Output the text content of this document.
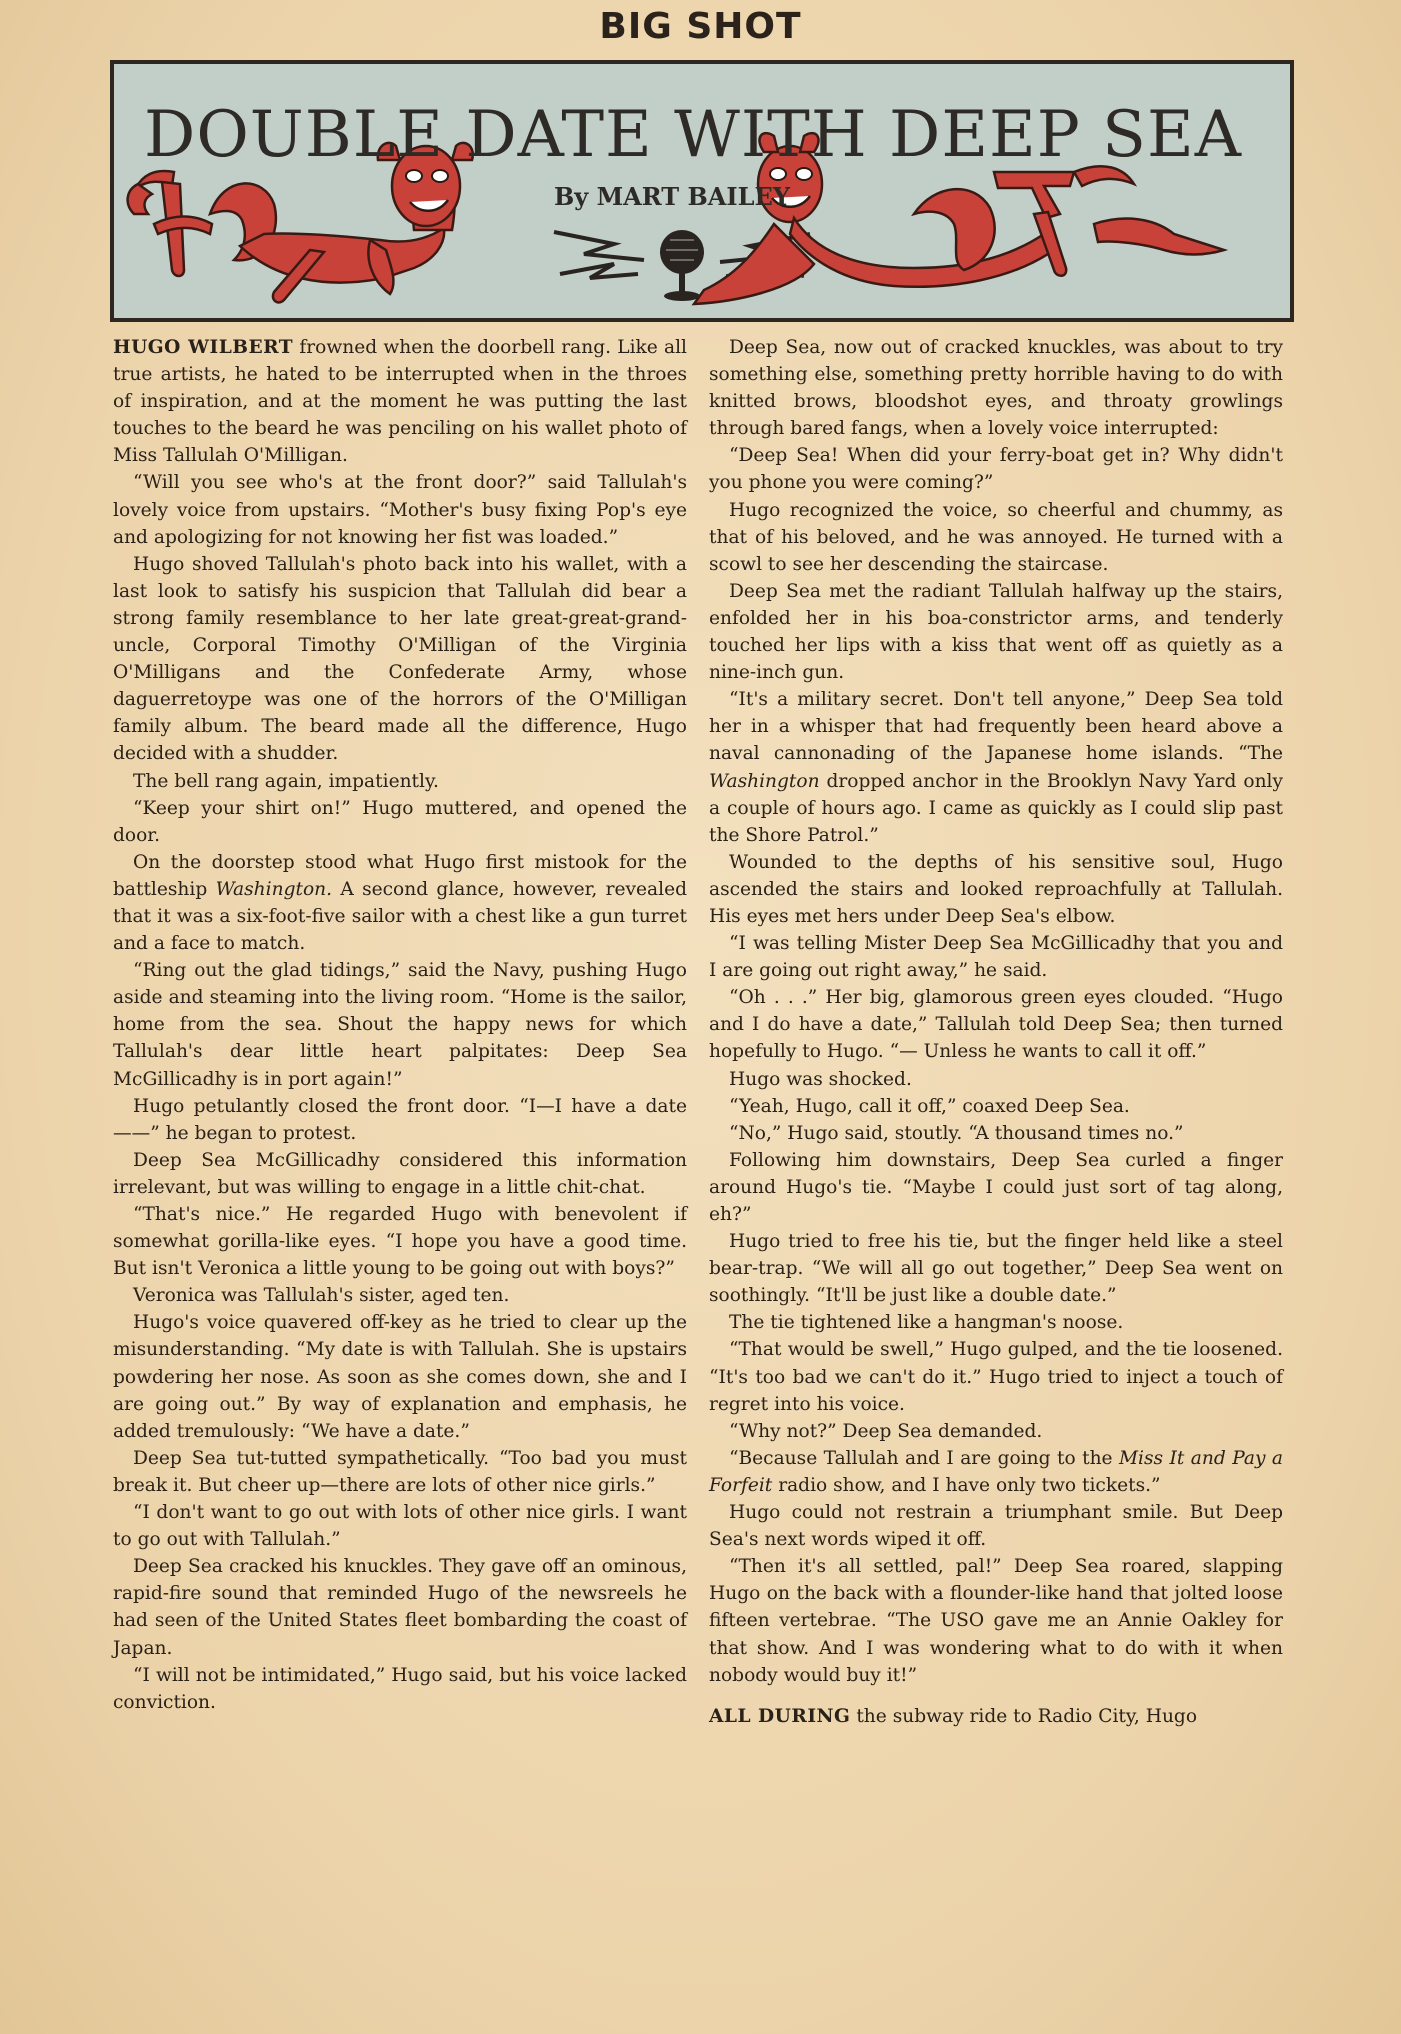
BIG SHOT
DOUBLE DATE WITH DEEP SEA
By MART BAILEY

HUGO WILBERT frowned when the doorbell rang. Like all true artists, he hated to be interrupted when in the throes of inspiration, and at the moment he was putting the last touches to the beard he was penciling on his wallet photo of Miss Tallulah O'Milligan.

“Will you see who's at the front door?” said Tallulah's lovely voice from upstairs. “Mother's busy fixing Pop's eye and apologizing for not knowing her fist was loaded.”

Hugo shoved Tallulah's photo back into his wallet, with a last look to satisfy his suspicion that Tallulah did bear a strong family resemblance to her late great-great-grand-uncle, Corporal Timothy O'Milligan of the Virginia O'Milligans and the Confederate Army, whose daguerretoype was one of the horrors of the O'Milligan family album. The beard made all the difference, Hugo decided with a shudder.

The bell rang again, impatiently.

“Keep your shirt on!” Hugo muttered, and opened the door.

On the doorstep stood what Hugo first mistook for the battleship Washington. A second glance, however, revealed that it was a six-foot-five sailor with a chest like a gun turret and a face to match.

“Ring out the glad tidings,” said the Navy, pushing Hugo aside and steaming into the living room. “Home is the sailor, home from the sea. Shout the happy news for which Tallulah's dear little heart palpitates: Deep Sea McGillicadhy is in port again!”

Hugo petulantly closed the front door. “I—I have a date——” he began to protest.

Deep Sea McGillicadhy considered this information irrelevant, but was willing to engage in a little chit-chat.

“That's nice.” He regarded Hugo with benevolent if somewhat gorilla-like eyes. “I hope you have a good time. But isn't Veronica a little young to be going out with boys?”

Veronica was Tallulah's sister, aged ten.

Hugo's voice quavered off-key as he tried to clear up the misunderstanding. “My date is with Tallulah. She is upstairs powdering her nose. As soon as she comes down, she and I are going out.” By way of explanation and emphasis, he added tremulously: “We have a date.”

Deep Sea tut-tutted sympathetically. “Too bad you must break it. But cheer up—there are lots of other nice girls.”

“I don't want to go out with lots of other nice girls. I want to go out with Tallulah.”

Deep Sea cracked his knuckles. They gave off an ominous, rapid-fire sound that reminded Hugo of the newsreels he had seen of the United States fleet bombarding the coast of Japan.

“I will not be intimidated,” Hugo said, but his voice lacked conviction.

Deep Sea, now out of cracked knuckles, was about to try something else, something pretty horrible having to do with knitted brows, bloodshot eyes, and throaty growlings through bared fangs, when a lovely voice interrupted:

“Deep Sea! When did your ferry-boat get in? Why didn't you phone you were coming?”

Hugo recognized the voice, so cheerful and chummy, as that of his beloved, and he was annoyed. He turned with a scowl to see her descending the staircase.

Deep Sea met the radiant Tallulah halfway up the stairs, enfolded her in his boa-constrictor arms, and tenderly touched her lips with a kiss that went off as quietly as a nine-inch gun.

“It's a military secret. Don't tell anyone,” Deep Sea told her in a whisper that had frequently been heard above a naval cannonading of the Japanese home islands. “The Washington dropped anchor in the Brooklyn Navy Yard only a couple of hours ago. I came as quickly as I could slip past the Shore Patrol.”

Wounded to the depths of his sensitive soul, Hugo ascended the stairs and looked reproachfully at Tallulah. His eyes met hers under Deep Sea's elbow.

“I was telling Mister Deep Sea McGillicadhy that you and I are going out right away,” he said.

“Oh . . .” Her big, glamorous green eyes clouded. “Hugo and I do have a date,” Tallulah told Deep Sea; then turned hopefully to Hugo. “— Unless he wants to call it off.”

Hugo was shocked.

“Yeah, Hugo, call it off,” coaxed Deep Sea.

“No,” Hugo said, stoutly. “A thousand times no.”

Following him downstairs, Deep Sea curled a finger around Hugo's tie. “Maybe I could just sort of tag along, eh?”

Hugo tried to free his tie, but the finger held like a steel bear-trap. “We will all go out together,” Deep Sea went on soothingly. “It'll be just like a double date.”

The tie tightened like a hangman's noose.

“That would be swell,” Hugo gulped, and the tie loosened. “It's too bad we can't do it.” Hugo tried to inject a touch of regret into his voice.

“Why not?” Deep Sea demanded.

“Because Tallulah and I are going to the Miss It and Pay a Forfeit radio show, and I have only two tickets.”

Hugo could not restrain a triumphant smile. But Deep Sea's next words wiped it off.

“Then it's all settled, pal!” Deep Sea roared, slapping Hugo on the back with a flounder-like hand that jolted loose fifteen vertebrae. “The USO gave me an Annie Oakley for that show. And I was wondering what to do with it when nobody would buy it!”

ALL DURING the subway ride to Radio City, Hugo
